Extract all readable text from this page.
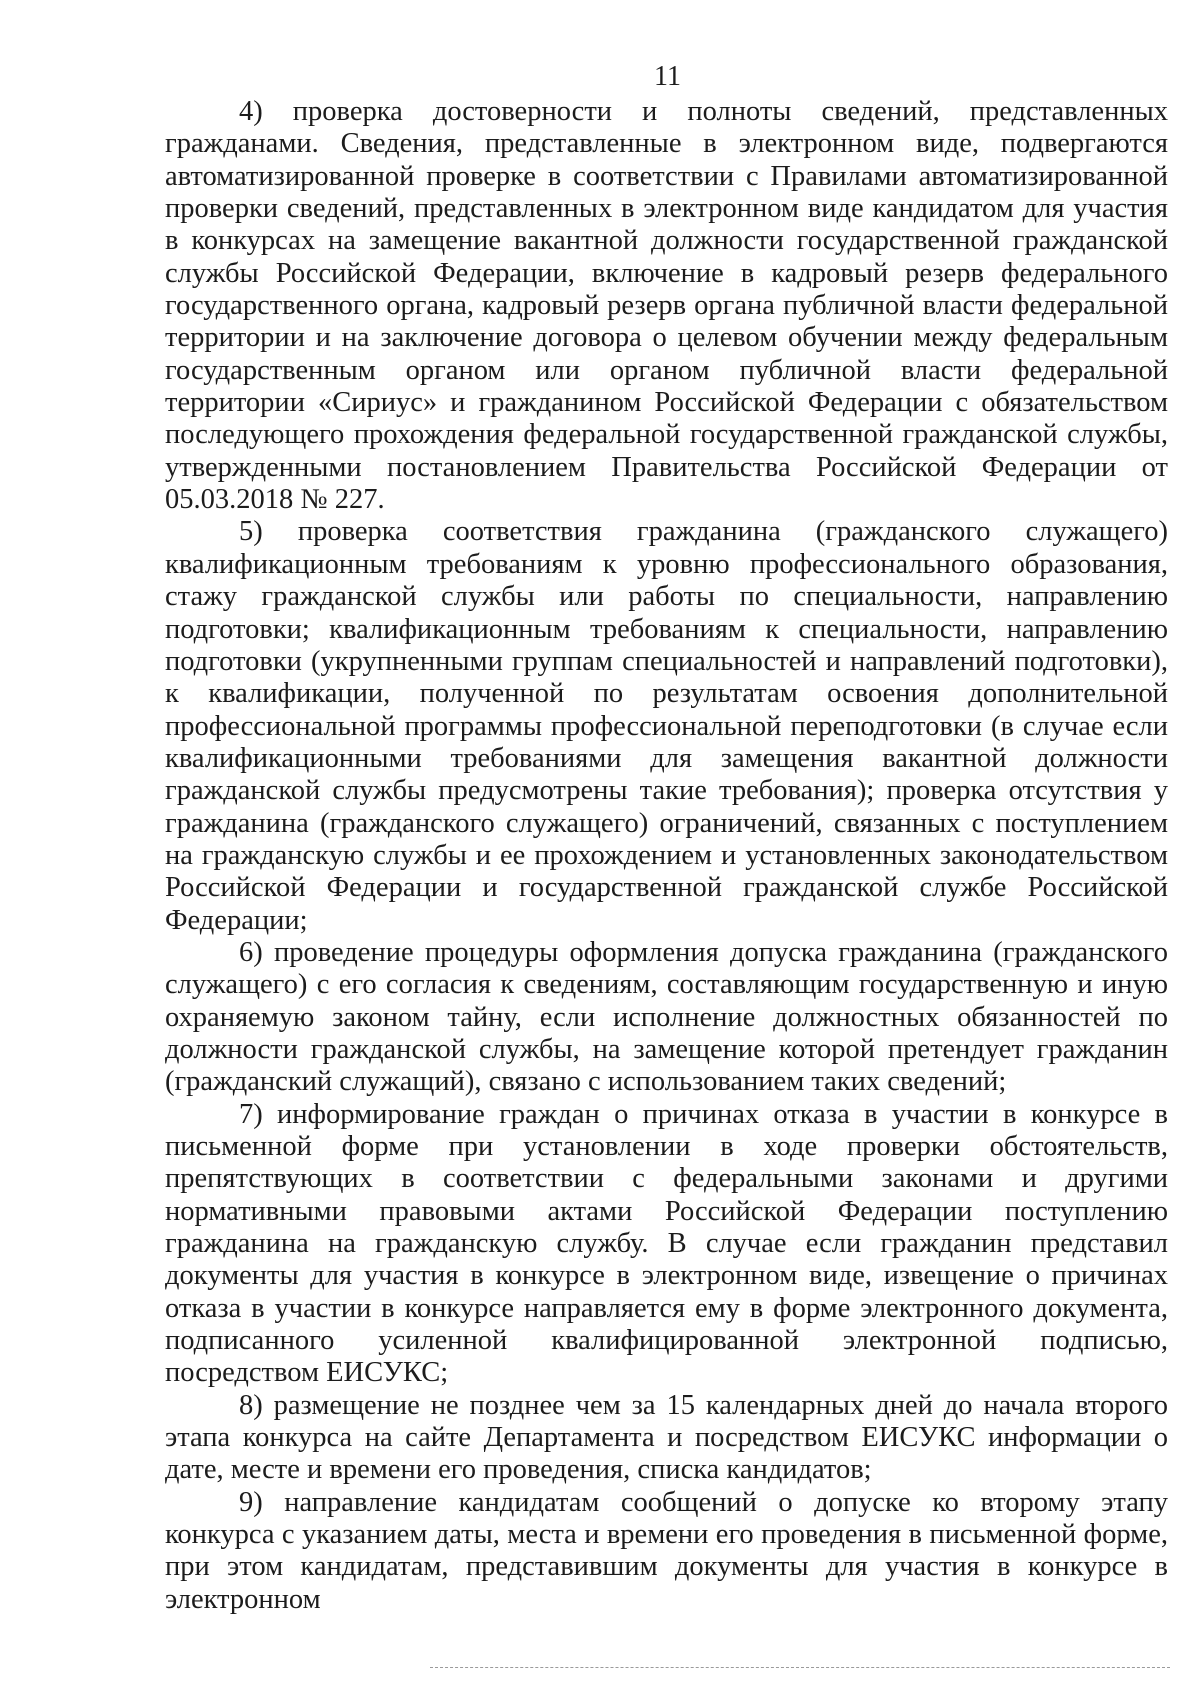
11

4) проверка достоверности и полноты сведений, представленных гражданами. Сведения, представленные в электронном виде, подвергаются автоматизированной проверке в соответствии с Правилами автоматизированной проверки сведений, представленных в электронном виде кандидатом для участия в конкурсах на замещение вакантной должности государственной гражданской службы Российской Федерации, включение в кадровый резерв федерального государственного органа, кадровый резерв органа публичной власти федеральной территории и на заключение договора о целевом обучении между федеральным государственным органом или органом публичной власти федеральной территории «Сириус» и гражданином Российской Федерации с обязательством последующего прохождения федеральной государственной гражданской службы, утвержденными постановлением Правительства Российской Федерации от 05.03.2018 № 227.

5) проверка соответствия гражданина (гражданского служащего) квалификационным требованиям к уровню профессионального образования, стажу гражданской службы или работы по специальности, направлению подготовки; квалификационным требованиям к специальности, направлению подготовки (укрупненными группам специальностей и направлений подготовки), к квалификации, полученной по результатам освоения дополнительной профессиональной программы профессиональной переподготовки (в случае если квалификационными требованиями для замещения вакантной должности гражданской службы предусмотрены такие требования); проверка отсутствия у гражданина (гражданского служащего) ограничений, связанных с поступлением на гражданскую службы и ее прохождением и установленных законодательством Российской Федерации и государственной гражданской службе Российской Федерации;

6) проведение процедуры оформления допуска гражданина (гражданского служащего) с его согласия к сведениям, составляющим государственную и иную охраняемую законом тайну, если исполнение должностных обязанностей по должности гражданской службы, на замещение которой претендует гражданин (гражданский служащий), связано с использованием таких сведений;

7) информирование граждан о причинах отказа в участии в конкурсе в письменной форме при установлении в ходе проверки обстоятельств, препятствующих в соответствии с федеральными законами и другими нормативными правовыми актами Российской Федерации поступлению гражданина на гражданскую службу. В случае если гражданин представил документы для участия в конкурсе в электронном виде, извещение о причинах отказа в участии в конкурсе направляется ему в форме электронного документа, подписанного усиленной квалифицированной электронной подписью, посредством ЕИСУКС;

8) размещение не позднее чем за 15 календарных дней до начала второго этапа конкурса на сайте Департамента и посредством ЕИСУКС информации о дате, месте и времени его проведения, списка кандидатов;

9) направление кандидатам сообщений о допуске ко второму этапу конкурса с указанием даты, места и времени его проведения в письменной форме, при этом кандидатам, представившим документы для участия в конкурсе в электронном
